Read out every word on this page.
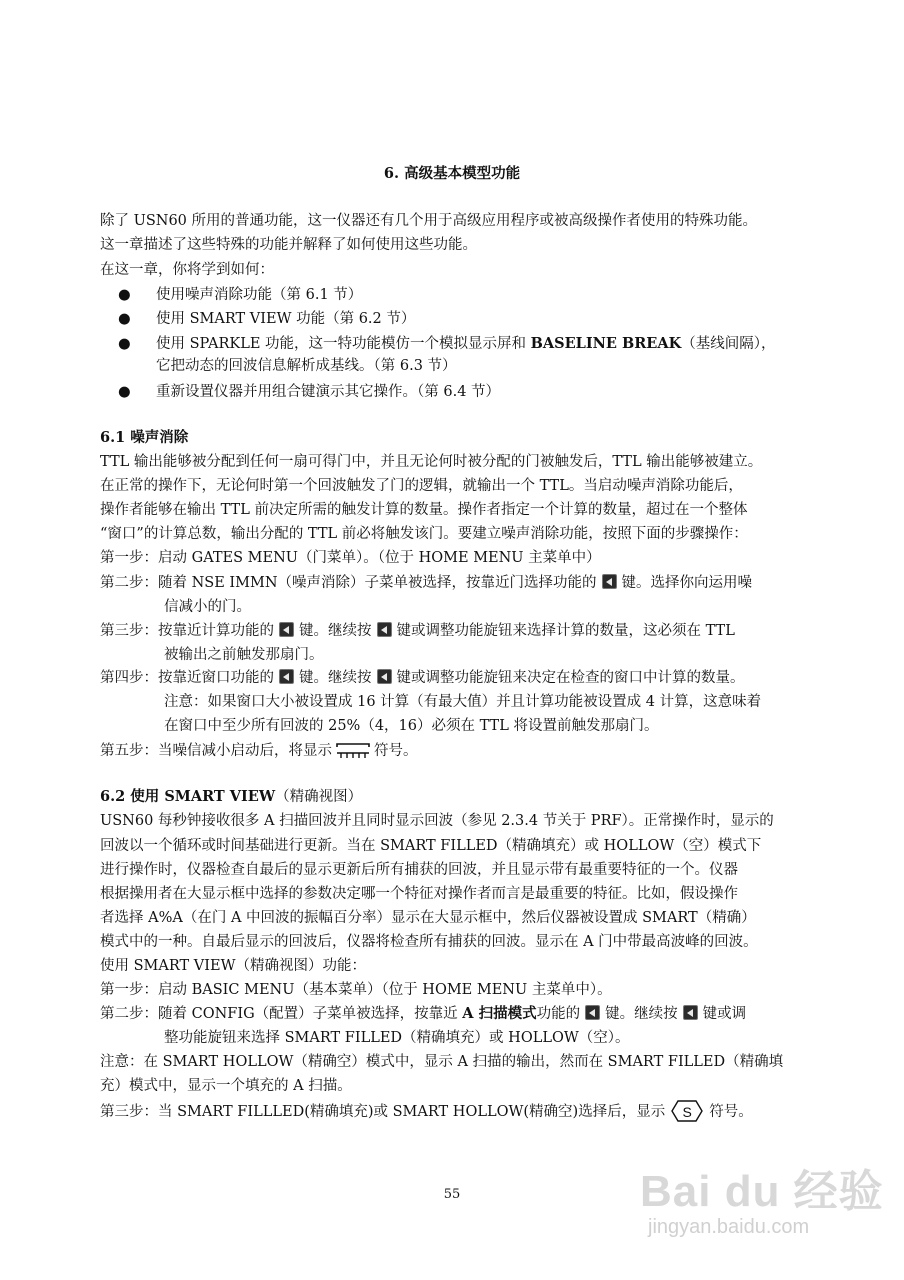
6. 高级基本模型功能
除了 USN60 所用的普通功能，这一仪器还有几个用于高级应用程序或被高级操作者使用的特殊功能。
这一章描述了这些特殊的功能并解释了如何使用这些功能。
在这一章，你将学到如何：
● 使用噪声消除功能（第 6.1 节）
● 使用 SMART VIEW 功能（第 6.2 节）
● 使用 SPARKLE 功能，这一特功能模仿一个模拟显示屏和 BASELINE BREAK（基线间隔），
它把动态的回波信息解析成基线。（第 6.3 节）
● 重新设置仪器并用组合键演示其它操作。（第 6.4 节）
6.1 噪声消除
TTL 输出能够被分配到任何一扇可得门中，并且无论何时被分配的门被触发后，TTL 输出能够被建立。
在正常的操作下，无论何时第一个回波触发了门的逻辑，就输出一个 TTL。当启动噪声消除功能后，
操作者能够在输出 TTL 前决定所需的触发计算的数量。操作者指定一个计算的数量，超过在一个整体
“窗口”的计算总数，输出分配的 TTL 前必将触发该门。要建立噪声消除功能，按照下面的步骤操作：
第一步：启动 GATES MENU（门菜单）。（位于 HOME MENU 主菜单中）
第二步：随着 NSE IMMN（噪声消除）子菜单被选择，按靠近门选择功能的 键。选择你向运用噪
信减小的门。
第三步：按靠近计算功能的 键。继续按 键或调整功能旋钮来选择计算的数量，这必须在 TTL
被输出之前触发那扇门。
第四步：按靠近窗口功能的 键。继续按 键或调整功能旋钮来决定在检查的窗口中计算的数量。
注意：如果窗口大小被设置成 16 计算（有最大值）并且计算功能被设置成 4 计算，这意味着
在窗口中至少所有回波的 25%（4，16）必须在 TTL 将设置前触发那扇门。
第五步：当噪信减小启动后，将显示	符号。
6.2 使用 SMART VIEW（精确视图）
USN60 每秒钟接收很多 A 扫描回波并且同时显示回波（参见 2.3.4 节关于 PRF）。正常操作时，显示的
回波以一个循环或时间基础进行更新。当在 SMART FILLED（精确填充）或 HOLLOW（空）模式下
进行操作时，仪器检查自最后的显示更新后所有捕获的回波，并且显示带有最重要特征的一个。仪器
根据操用者在大显示框中选择的参数决定哪一个特征对操作者而言是最重要的特征。比如，假设操作
者选择 A%A（在门 A 中回波的振幅百分率）显示在大显示框中，然后仪器被设置成 SMART（精确）
模式中的一种。自最后显示的回波后，仪器将检查所有捕获的回波。显示在 A 门中带最高波峰的回波。
使用 SMART VIEW（精确视图）功能：
第一步：启动 BASIC MENU（基本菜单）（位于 HOME MENU 主菜单中）。
第二步：随着 CONFIG（配置）子菜单被选择，按靠近 A 扫描模式功能的 键。继续按 键或调
整功能旋钮来选择 SMART FILLED（精确填充）或 HOLLOW（空）。
注意：在 SMART HOLLOW（精确空）模式中，显示 A 扫描的输出，然而在 SMART FILLED（精确填
充）模式中，显示一个填充的 A 扫描。
第三步：当 SMART FILLLED(精确填充)或 SMART HOLLOW(精确空)选择后，显示	S	符号。
55	Bai du 经验
jingyan.baidu.com
